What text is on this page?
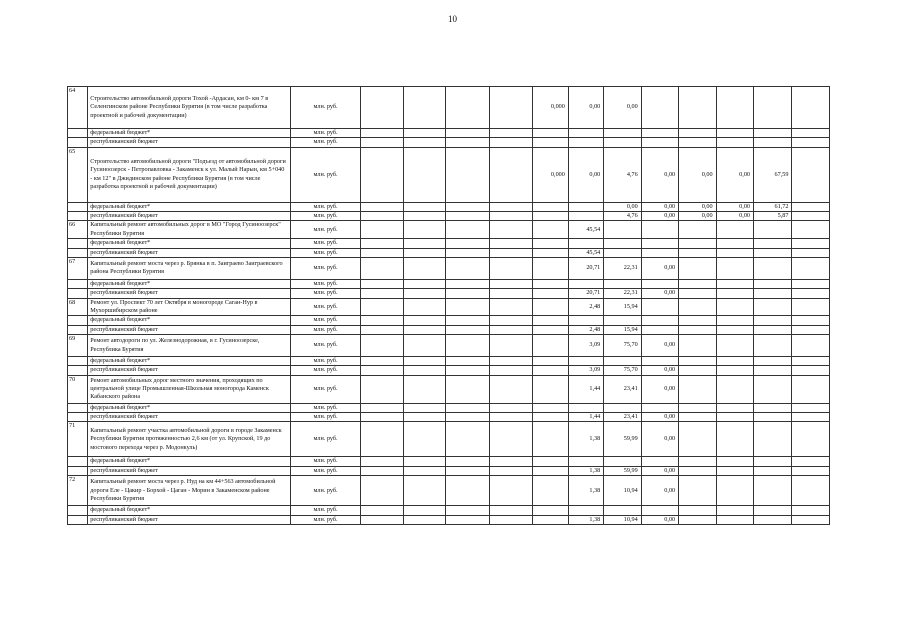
10
64	Строительство автомобильной дороги Тохой -Ардасан, км 0- км 7 в Селенгинском районе Республики Бурятия (в том числе разработка проектной и рабочей документации)	млн. руб.					0,000	0,00	0,00					
	федеральный бюджет*	млн. руб.												
	республиканский бюджет	млн. руб.												
65	Строительство автомобильной дороги "Подъезд от автомобильной дороги Гусиноозерск - Петропавловка - Закаменск к ул. Малый Нарын, км 5+040 - км 12" в Джидинском районе Республики Бурятия (в том числе разработка проектной и рабочей документации)	млн. руб.					0,000	0,00	4,76	0,00	0,00	0,00	67,59	
	федеральный бюджет*	млн. руб.							0,00	0,00	0,00	0,00	61,72	
	республиканский бюджет	млн. руб.							4,76	0,00	0,00	0,00	5,87	
66	Капитальный ремонт автомобильных дорог в МО "Город Гусиноозерск" Республики Бурятия	млн. руб.						45,54						
	федеральный бюджет*	млн. руб.												
	республиканский бюджет	млн. руб.						45,54						
67	Капитальный ремонт моста через р. Брянка в п. Заиграево Заиграевского района Республики Бурятия	млн. руб.						20,71	22,31	0,00				
	федеральный бюджет*	млн. руб.												
	республиканский бюджет	млн. руб.						20,71	22,31	0,00				
68	Ремонт ул. Проспект 70 лет Октября в моногороде Саган-Нур в Мухоршибирском районе	млн. руб.						2,48	15,94					
	федеральный бюджет*	млн. руб.												
	республиканский бюджет	млн. руб.						2,48	15,94					
69	Ремонт автодороги по ул. Железнодорожная, в г. Гусиноозерске, Республика Бурятия	млн. руб.						3,09	75,70	0,00				
	федеральный бюджет*	млн. руб.												
	республиканский бюджет	млн. руб.						3,09	75,70	0,00				
70	Ремонт автомобильных дорог местного значения, проходящих по центральной улице Промышленная-Школьная моногорода Каменск Кабанского района	млн. руб.						1,44	23,41	0,00				
	федеральный бюджет*	млн. руб.												
	республиканский бюджет	млн. руб.						1,44	23,41	0,00				
71	Капитальный ремонт участка автомобильной дороги в городе Закаменск Республики Бурятия протяженностью 2,6 км (от ул. Крупской, 19 до мостового перехода через р. Модонкуль)	млн. руб.						1,38	59,99	0,00				
	федеральный бюджет*	млн. руб.												
	республиканский бюджет	млн. руб.						1,38	59,99	0,00				
72	Капитальный ремонт моста через р. Нуд на км 44+563 автомобильной дороги Еле - Цакир - Борхой - Цаган - Морин в Закаменском районе Республики Бурятия	млн. руб.						1,38	10,94	0,00				
	федеральный бюджет*	млн. руб.												
	республиканский бюджет	млн. руб.						1,38	10,94	0,00				
